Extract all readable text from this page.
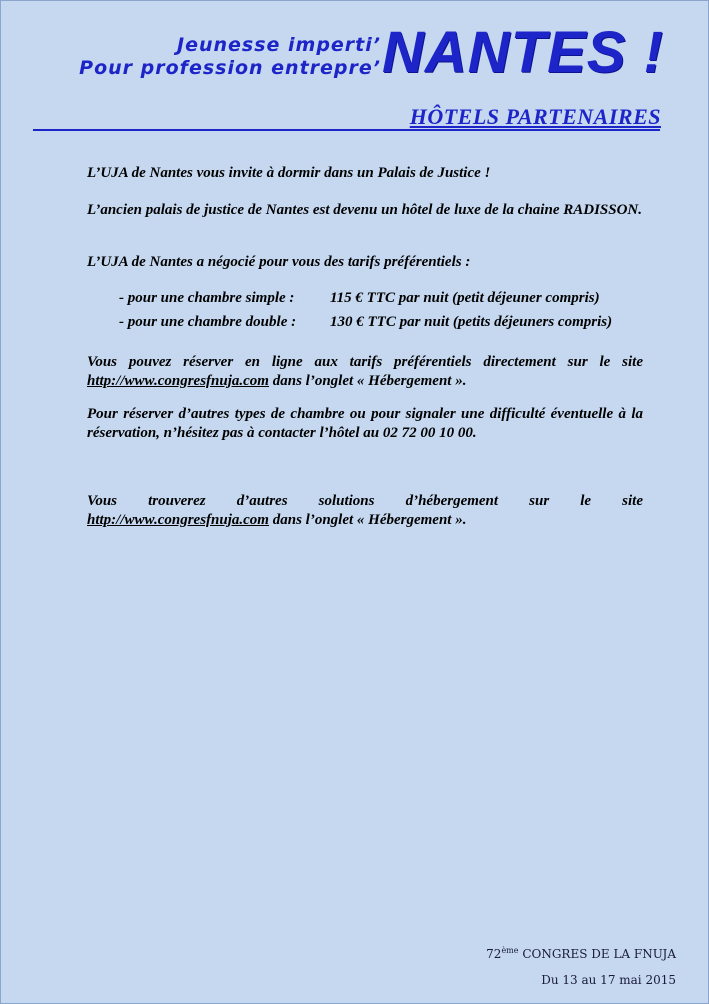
Jeunesse imperti’
Pour profession entrepre’ NANTES !
HÔTELS PARTENAIRES

L’UJA de Nantes vous invite à dormir dans un Palais de Justice !

L’ancien palais de justice de Nantes est devenu un hôtel de luxe de la chaine RADISSON.

L’UJA de Nantes a négocié pour vous des tarifs préférentiels :

- pour une chambre simple : 115 € TTC par nuit (petit déjeuner compris)
- pour une chambre double : 130 € TTC par nuit (petits déjeuners compris)

Vous pouvez réserver en ligne aux tarifs préférentiels directement sur le site http://www.congresfnuja.com dans l’onglet « Hébergement ».

Pour réserver d’autres types de chambre ou pour signaler une difficulté éventuelle à la réservation, n’hésitez pas à contacter l’hôtel au 02 72 00 10 00.

Vous trouverez d’autres solutions d’hébergement sur le site
http://www.congresfnuja.com dans l’onglet « Hébergement ».

72ème CONGRES DE LA FNUJA
Du 13 au 17 mai 2015
